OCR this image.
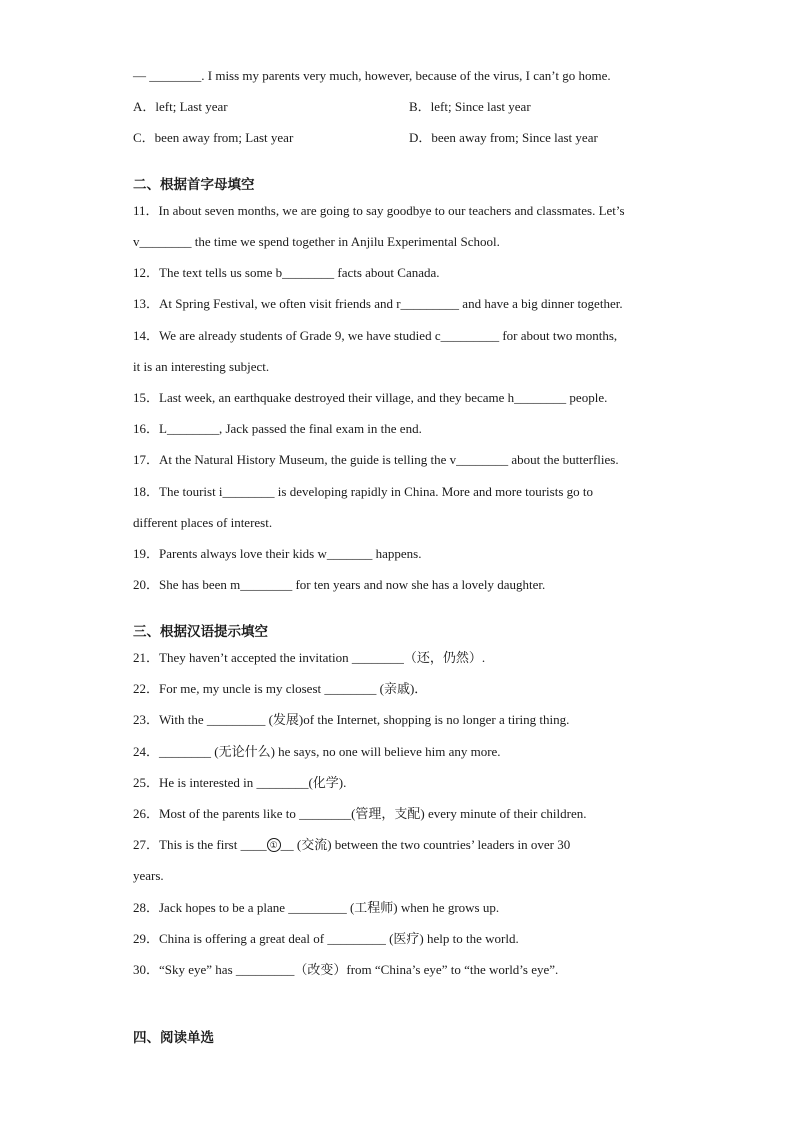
— ________. I miss my parents very much, however, because of the virus, I can’t go home.
A．left; Last year	B．left; Since last year
C．been away from; Last year	D．been away from; Since last year
二、根据首字母填空
11．In about seven months, we are going to say goodbye to our teachers and classmates. Let’s
v________ the time we spend together in Anjilu Experimental School.
12．The text tells us some b________ facts about Canada.
13．At Spring Festival, we often visit friends and r_________ and have a big dinner together.
14．We are already students of Grade 9, we have studied c_________ for about two months,
it is an interesting subject.
15．Last week, an earthquake destroyed their village, and they became h________ people.
16．L________, Jack passed the final exam in the end.
17．At the Natural History Museum, the guide is telling the v________ about the butterflies.
18．The tourist i________ is developing rapidly in China. More and more tourists go to
different places of interest.
19．Parents always love their kids w_______ happens.
20．She has been m________ for ten years and now she has a lovely daughter.
三、根据汉语提示填空
21．They haven’t accepted the invitation ________（还，仍然）.
22．For me, my uncle is my closest ________ (亲戚)．
23．With the _________ (发展)of the Internet, shopping is no longer a tiring thing.
24．________ (无论什么) he says, no one will believe him any more.
25．He is interested in ________(化学).
26．Most of the parents like to ________(管理，支配) every minute of their children.
27．This is the first ____ ① __ (交流) between the two countries’ leaders in over 30
years.
28．Jack hopes to be a plane _________ (工程师) when he grows up.
29．China is offering a great deal of _________ (医疗) help to the world.
30．“Sky eye” has _________（改变）from “China’s eye” to “the world’s eye”.
四、阅读单选
